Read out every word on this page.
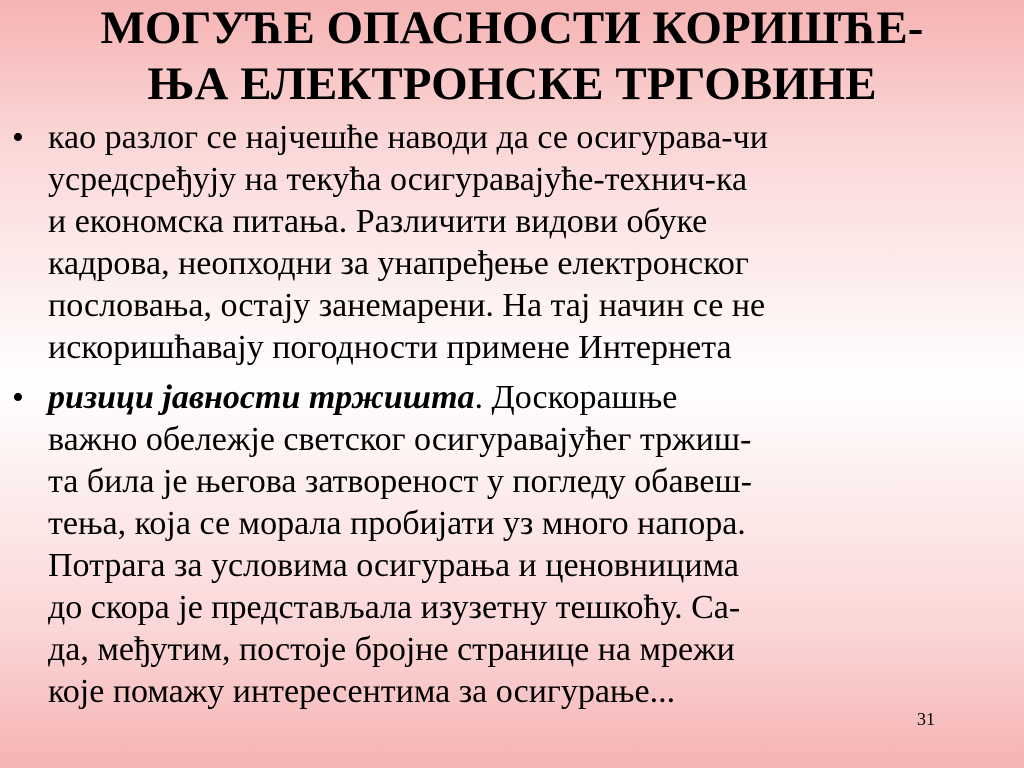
МОГУЋЕ ОПАСНОСТИ КОРИШЋЕ-
ЊА ЕЛЕКТРОНСКЕ ТРГОВИНЕ
• као разлог се најчешће наводи да се осигурава-чи
усредсређују на текућа осигуравајуће-технич-ка
и економска питања. Различити видови обуке
кадрова, неопходни за унапређење електронског
пословања, остају занемарени. На тај начин се не
искоришћавају погодности примене Интернета
• ризици јавности тржишта. Доскорашње
важно обележје светског осигуравајућег тржиш-
та била је његова затвореност у погледу обавеш-
тења, која се морала пробијати уз много напора.
Потрага за условима осигурања и ценовницима
до скора је представљала изузетну тешкоћу. Са-
да, међутим, постоје бројне странице на мрежи
које помажу интересентима за осигурање...
31
